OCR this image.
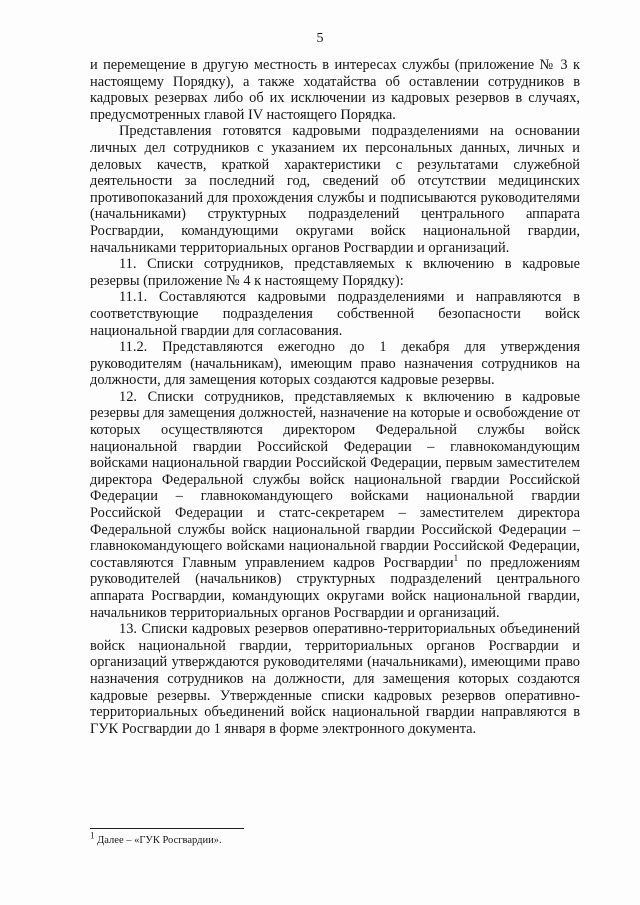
5

и перемещение в другую местность в интересах службы (приложение № 3 к настоящему Порядку), а также ходатайства об оставлении сотрудников в кадровых резервах либо об их исключении из кадровых резервов в случаях, предусмотренных главой IV настоящего Порядка.

Представления готовятся кадровыми подразделениями на основании личных дел сотрудников с указанием их персональных данных, личных и деловых качеств, краткой характеристики с результатами служебной деятельности за последний год, сведений об отсутствии медицинских противопоказаний для прохождения службы и подписываются руководителями (начальниками) структурных подразделений центрального аппарата Росгвардии, командующими округами войск национальной гвардии, начальниками территориальных органов Росгвардии и организаций.

11. Списки сотрудников, представляемых к включению в кадровые резервы (приложение № 4 к настоящему Порядку):

11.1. Составляются кадровыми подразделениями и направляются в соответствующие подразделения собственной безопасности войск национальной гвардии для согласования.

11.2. Представляются ежегодно до 1 декабря для утверждения руководителям (начальникам), имеющим право назначения сотрудников на должности, для замещения которых создаются кадровые резервы.

12. Списки сотрудников, представляемых к включению в кадровые резервы для замещения должностей, назначение на которые и освобождение от которых осуществляются директором Федеральной службы войск национальной гвардии Российской Федерации – главнокомандующим войсками национальной гвардии Российской Федерации, первым заместителем директора Федеральной службы войск национальной гвардии Российской Федерации – главнокомандующего войсками национальной гвардии Российской Федерации и статс-секретарем – заместителем директора Федеральной службы войск национальной гвардии Российской Федерации – главнокомандующего войсками национальной гвардии Российской Федерации, составляются Главным управлением кадров Росгвардии$^1$ по предложениям руководителей (начальников) структурных подразделений центрального аппарата Росгвардии, командующих округами войск национальной гвардии, начальников территориальных органов Росгвардии и организаций.

13. Списки кадровых резервов оперативно-территориальных объединений войск национальной гвардии, территориальных органов Росгвардии и организаций утверждаются руководителями (начальниками), имеющими право назначения сотрудников на должности, для замещения которых создаются кадровые резервы. Утвержденные списки кадровых резервов оперативно-территориальных объединений войск национальной гвардии направляются в ГУК Росгвардии до 1 января в форме электронного документа.

$^1$ Далее – «ГУК Росгвардии».
